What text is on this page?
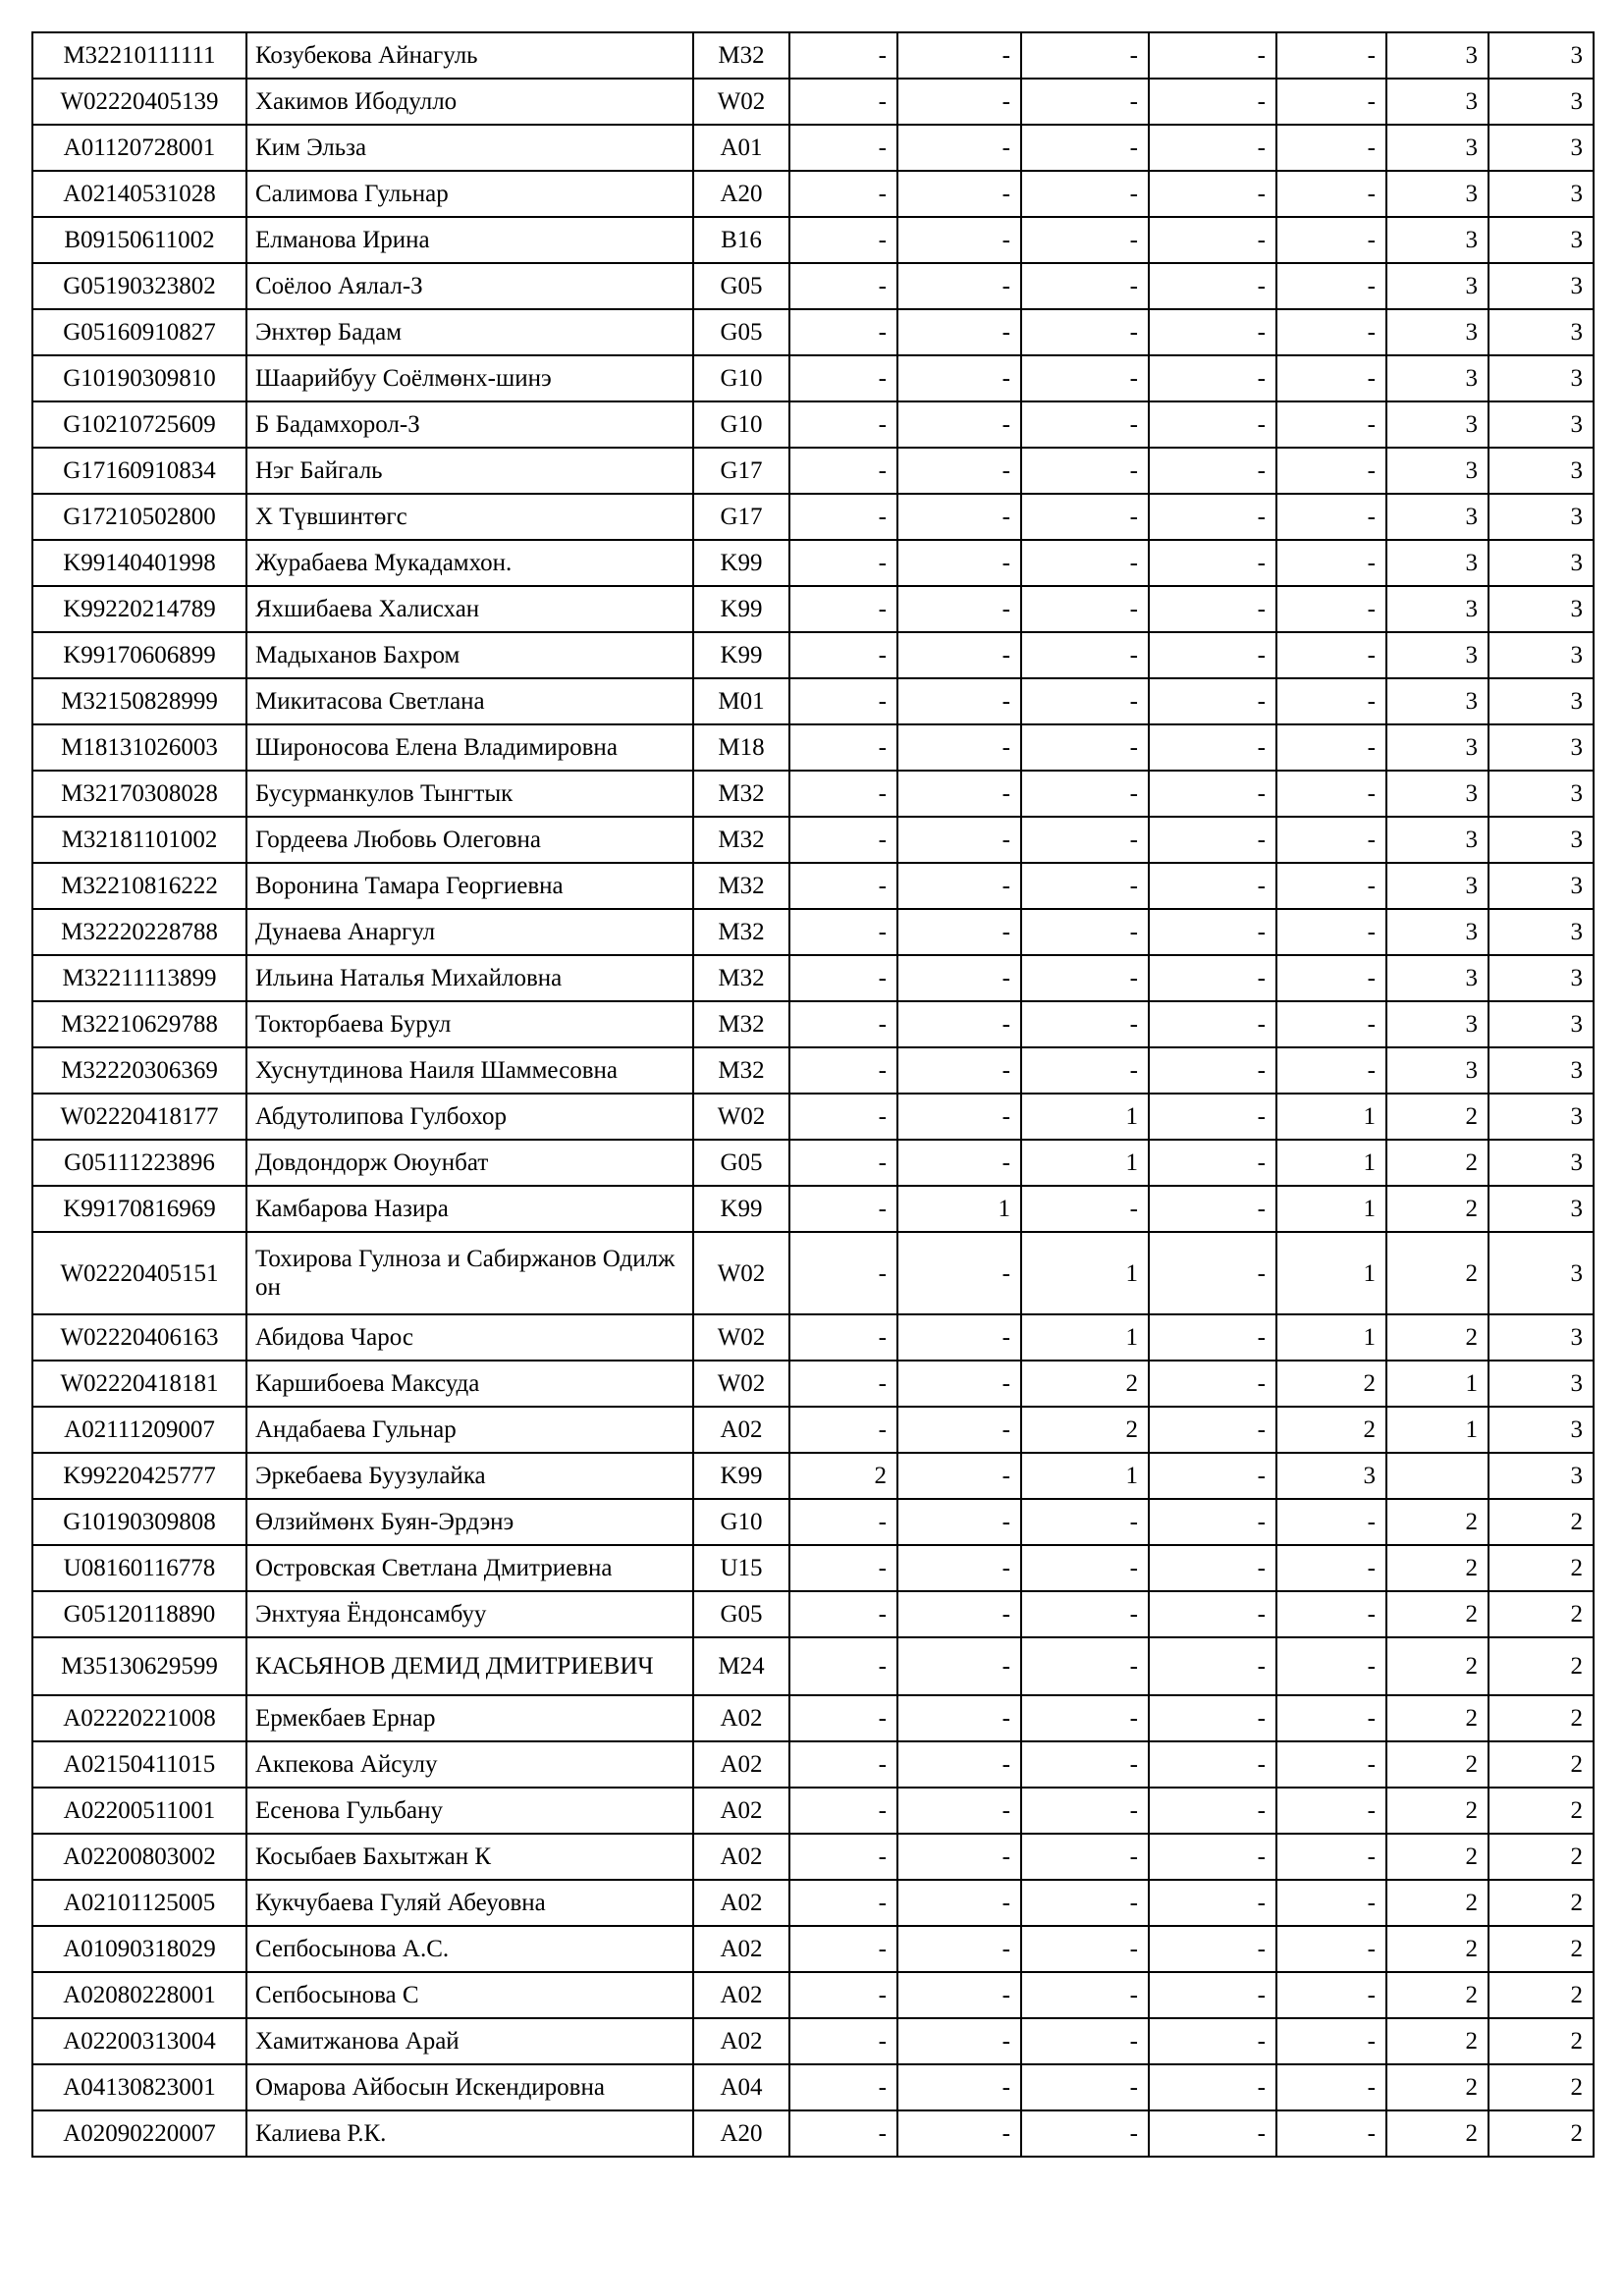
M32210111111	Козубекова Айнагуль	M32	-	-	-	-	-	3	3
W02220405139	Хакимов Ибодулло	W02	-	-	-	-	-	3	3
A01120728001	Ким Эльза	A01	-	-	-	-	-	3	3
A02140531028	Салимова Гульнар	A20	-	-	-	-	-	3	3
B09150611002	Елманова Ирина	B16	-	-	-	-	-	3	3
G05190323802	Соёлоо Аялал-З	G05	-	-	-	-	-	3	3
G05160910827	Энхтөр Бадам	G05	-	-	-	-	-	3	3
G10190309810	Шаарийбуу Соёлмөнх-шинэ	G10	-	-	-	-	-	3	3
G10210725609	Б Бадамхорол-З	G10	-	-	-	-	-	3	3
G17160910834	Нэг Байгаль	G17	-	-	-	-	-	3	3
G17210502800	Х Түвшинтөгс	G17	-	-	-	-	-	3	3
K99140401998	Журабаева Мукадамхон.	K99	-	-	-	-	-	3	3
K99220214789	Яхшибаева Халисхан	K99	-	-	-	-	-	3	3
K99170606899	Мадыханов Бахром	K99	-	-	-	-	-	3	3
M32150828999	Микитасова Светлана	M01	-	-	-	-	-	3	3
M18131026003	Широносова Елена Владимировна	M18	-	-	-	-	-	3	3
M32170308028	Бусурманкулов Тынгтык	M32	-	-	-	-	-	3	3
M32181101002	Гордеева Любовь Олеговна	M32	-	-	-	-	-	3	3
M32210816222	Воронина Тамара Георгиевна	M32	-	-	-	-	-	3	3
M32220228788	Дунаева Анаргул	M32	-	-	-	-	-	3	3
M32211113899	Ильина Наталья Михайловна	M32	-	-	-	-	-	3	3
M32210629788	Токторбаева Бурул	M32	-	-	-	-	-	3	3
M32220306369	Хуснутдинова Наиля Шаммесовна	M32	-	-	-	-	-	3	3
W02220418177	Абдутолипова Гулбохор	W02	-	-	1	-	1	2	3
G05111223896	Довдондорж Оюунбат	G05	-	-	1	-	1	2	3
K99170816969	Камбарова Назира	K99	-	1	-	-	1	2	3
W02220405151	Тохирова Гулноза и Сабиржанов Одилжон	W02	-	-	1	-	1	2	3
W02220406163	Абидова Чарос	W02	-	-	1	-	1	2	3
W02220418181	Каршибоева Максуда	W02	-	-	2	-	2	1	3
A02111209007	Андабаева Гульнар	A02	-	-	2	-	2	1	3
K99220425777	Эркебаева Буузулайка	K99	2	-	1	-	3		3
G10190309808	Өлзиймөнх Буян-Эрдэнэ	G10	-	-	-	-	-	2	2
U08160116778	Островская Светлана Дмитриевна	U15	-	-	-	-	-	2	2
G05120118890	Энхтуяа Ёндонсамбуу	G05	-	-	-	-	-	2	2
M35130629599	КАСЬЯНОВ ДЕМИД ДМИТРИЕВИЧ	M24	-	-	-	-	-	2	2
A02220221008	Ермекбаев Ернар	A02	-	-	-	-	-	2	2
A02150411015	Акпекова Айсулу	A02	-	-	-	-	-	2	2
A02200511001	Есенова Гульбану	A02	-	-	-	-	-	2	2
A02200803002	Косыбаев Бахытжан К	A02	-	-	-	-	-	2	2
A02101125005	Кукчубаева Гуляй Абеуовна	A02	-	-	-	-	-	2	2
A01090318029	Сепбосынова А.С.	A02	-	-	-	-	-	2	2
A02080228001	Сепбосынова С	A02	-	-	-	-	-	2	2
A02200313004	Хамитжанова Арай	A02	-	-	-	-	-	2	2
A04130823001	Омарова Айбосын Искендировна	A04	-	-	-	-	-	2	2
A02090220007	Калиева Р.К.	A20	-	-	-	-	-	2	2
